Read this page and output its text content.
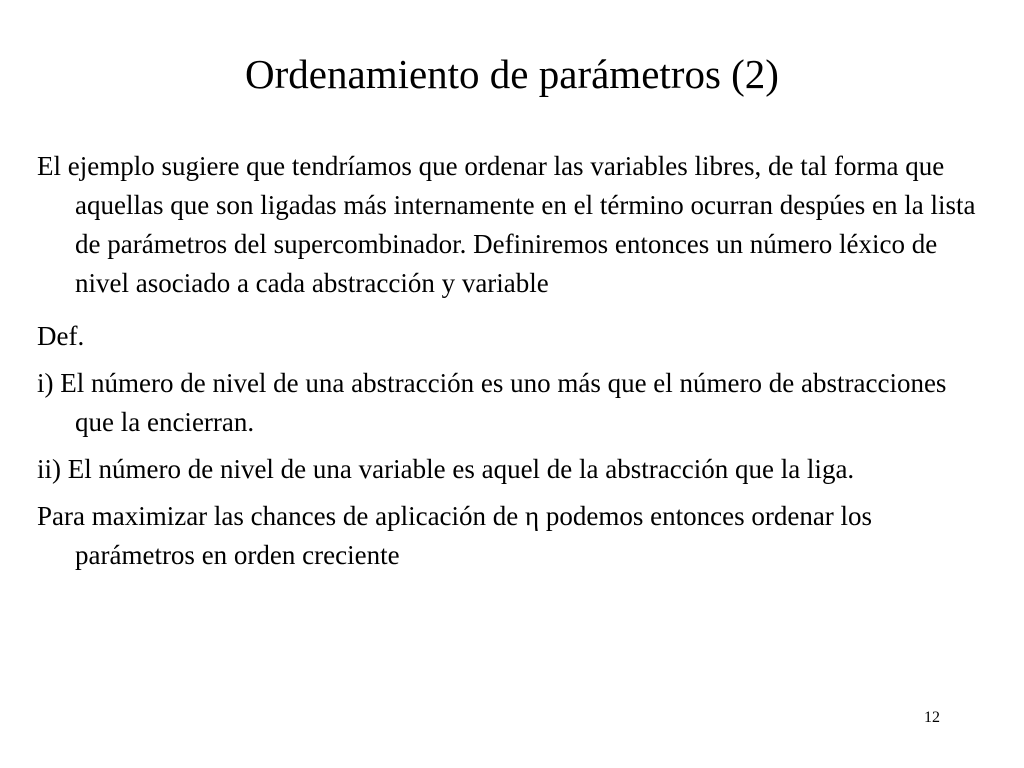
Ordenamiento de parámetros (2)

El ejemplo sugiere que tendríamos que ordenar las variables libres, de tal forma que aquellas que son ligadas más internamente en el término ocurran despúes en la lista de parámetros del supercombinador. Definiremos entonces un número léxico de nivel asociado a cada abstracción y variable

Def.

i) El número de nivel de una abstracción es uno más que el número de abstracciones que la encierran.

ii) El número de nivel de una variable es aquel de la abstracción que la liga.

Para maximizar las chances de aplicación de η podemos entonces ordenar los parámetros en orden creciente

12
